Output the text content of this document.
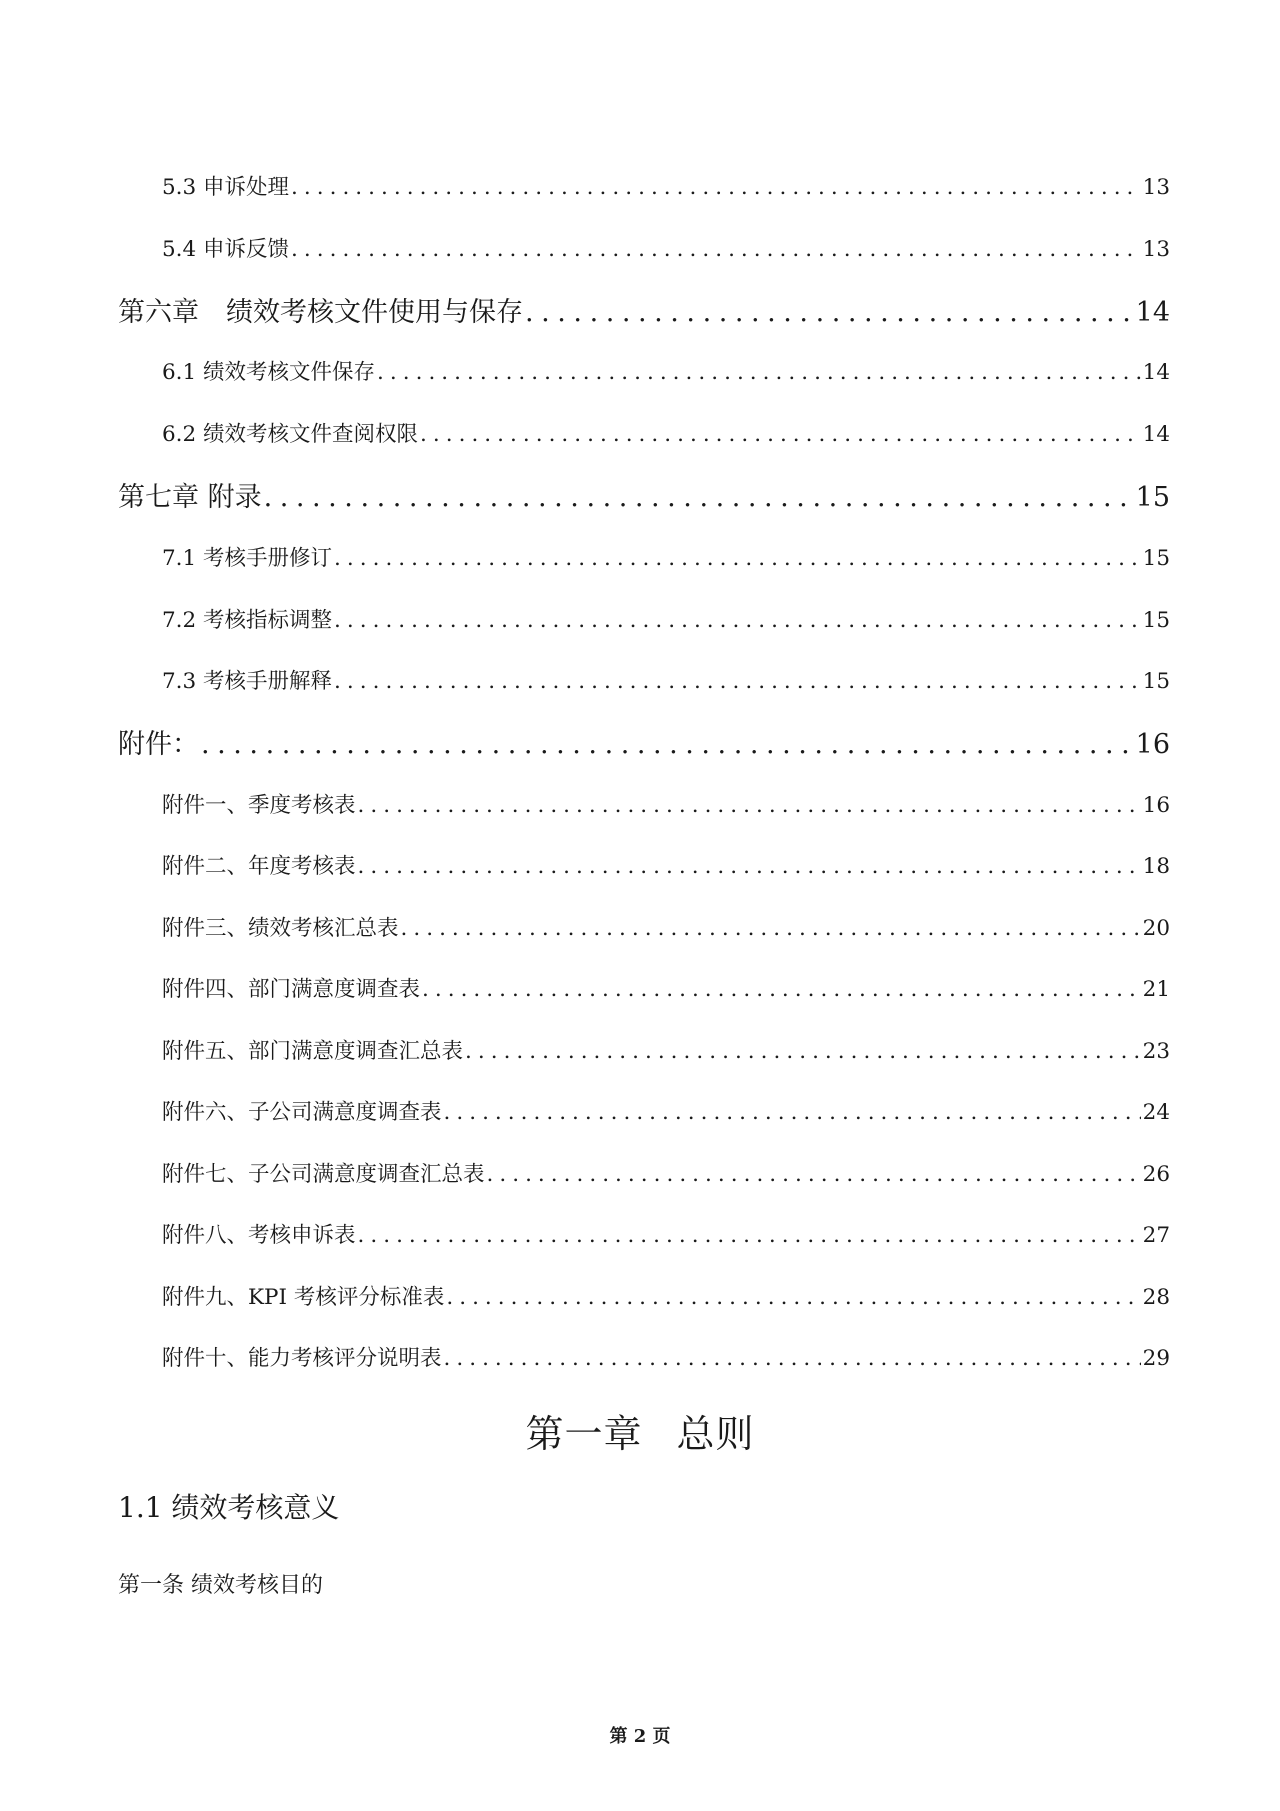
5.3 申诉处理 .....	13
5.4 申诉反馈 .....	13
第六章　绩效考核文件使用与保存 .....	14
6.1 绩效考核文件保存 .....	14
6.2 绩效考核文件查阅权限 .....	14
第七章 附录 .....	15
7.1 考核手册修订 .....	15
7.2 考核指标调整 .....	15
7.3 考核手册解释 .....	15
附件： .....	16
附件一、季度考核表 .....	16
附件二、年度考核表 .....	18
附件三、绩效考核汇总表 .....	20
附件四、部门满意度调查表 .....	21
附件五、部门满意度调查汇总表 .....	23
附件六、子公司满意度调查表 .....	24
附件七、子公司满意度调查汇总表 .....	26
附件八、考核申诉表 .....	27
附件九、KPI 考核评分标准表 .....	28
附件十、能力考核评分说明表 .....	29
第一章 总则
1.1 绩效考核意义
第一条 绩效考核目的
第 2 页
